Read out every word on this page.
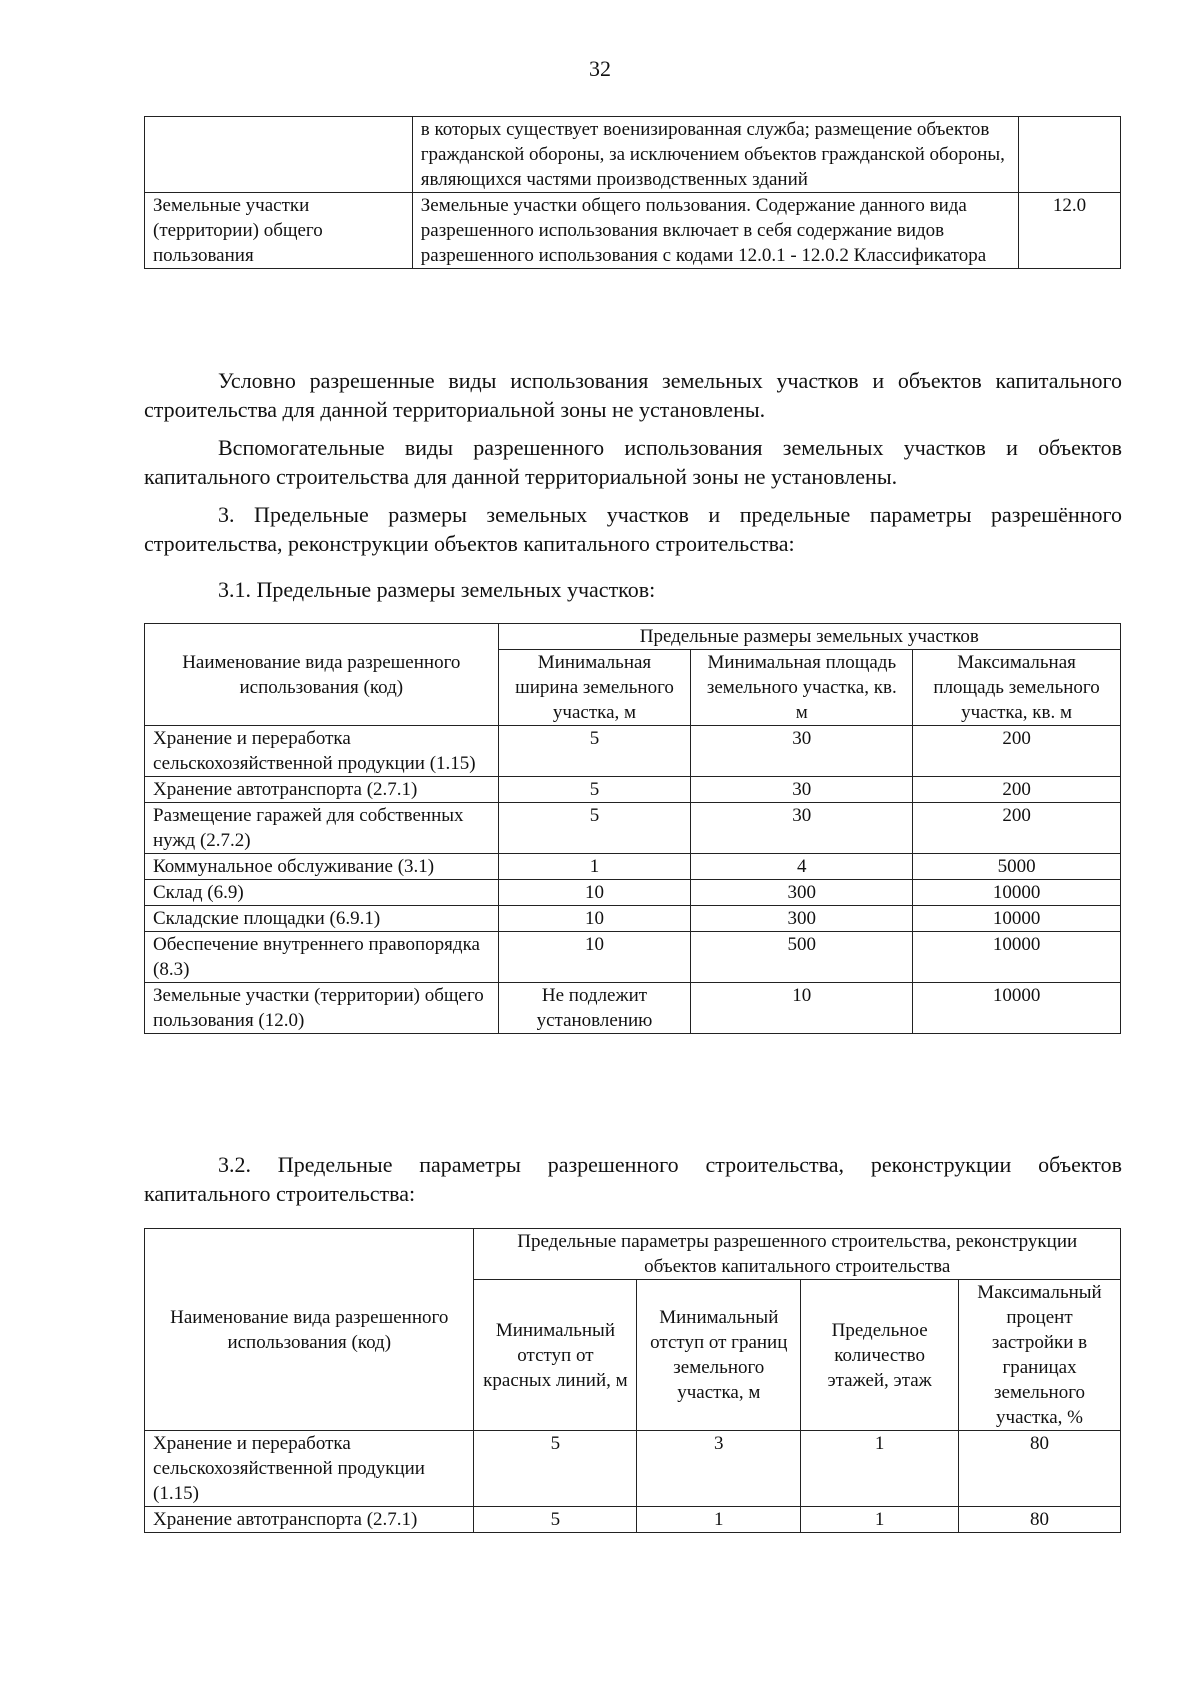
32
	в которых существует военизированная служба; размещение объектов гражданской обороны, за исключением объектов гражданской обороны, являющихся частями производственных зданий	
Земельные участки (территории) общего пользования	Земельные участки общего пользования. Содержание данного вида разрешенного использования включает в себя содержание видов разрешенного использования с кодами 12.0.1 - 12.0.2 Классификатора	12.0

Условно разрешенные виды использования земельных участков и объектов капитального строительства для данной территориальной зоны не установлены.

Вспомогательные виды разрешенного использования земельных участков и объектов капитального строительства для данной территориальной зоны не установлены.

3. Предельные размеры земельных участков и предельные параметры разрешённого строительства, реконструкции объектов капитального строительства:

3.1. Предельные размеры земельных участков:

Наименование вида разрешенного использования (код)	Предельные размеры земельных участков		
	Минимальная ширина земельного участка, м	Минимальная площадь земельного участка, кв. м	Максимальная площадь земельного участка, кв. м
Хранение и переработка сельскохозяйственной продукции (1.15)	5	30	200
Хранение автотранспорта (2.7.1)	5	30	200
Размещение гаражей для собственных нужд (2.7.2)	5	30	200
Коммунальное обслуживание (3.1)	1	4	5000
Склад (6.9)	10	300	10000
Складские площадки (6.9.1)	10	300	10000
Обеспечение внутреннего правопорядка (8.3)	10	500	10000
Земельные участки (территории) общего пользования (12.0)	Не подлежит установлению	10	10000

3.2. Предельные параметры разрешенного строительства, реконструкции объектов капитального строительства:

Наименование вида разрешенного использования (код)	Предельные параметры разрешенного строительства, реконструкции объектов капитального строительства			
	Минимальный отступ от красных линий, м	Минимальный отступ от границ земельного участка, м	Предельное количество этажей, этаж	Максимальный процент застройки в границах земельного участка, %
Хранение и переработка сельскохозяйственной продукции (1.15)	5	3	1	80
Хранение автотранспорта (2.7.1)	5	1	1	80
